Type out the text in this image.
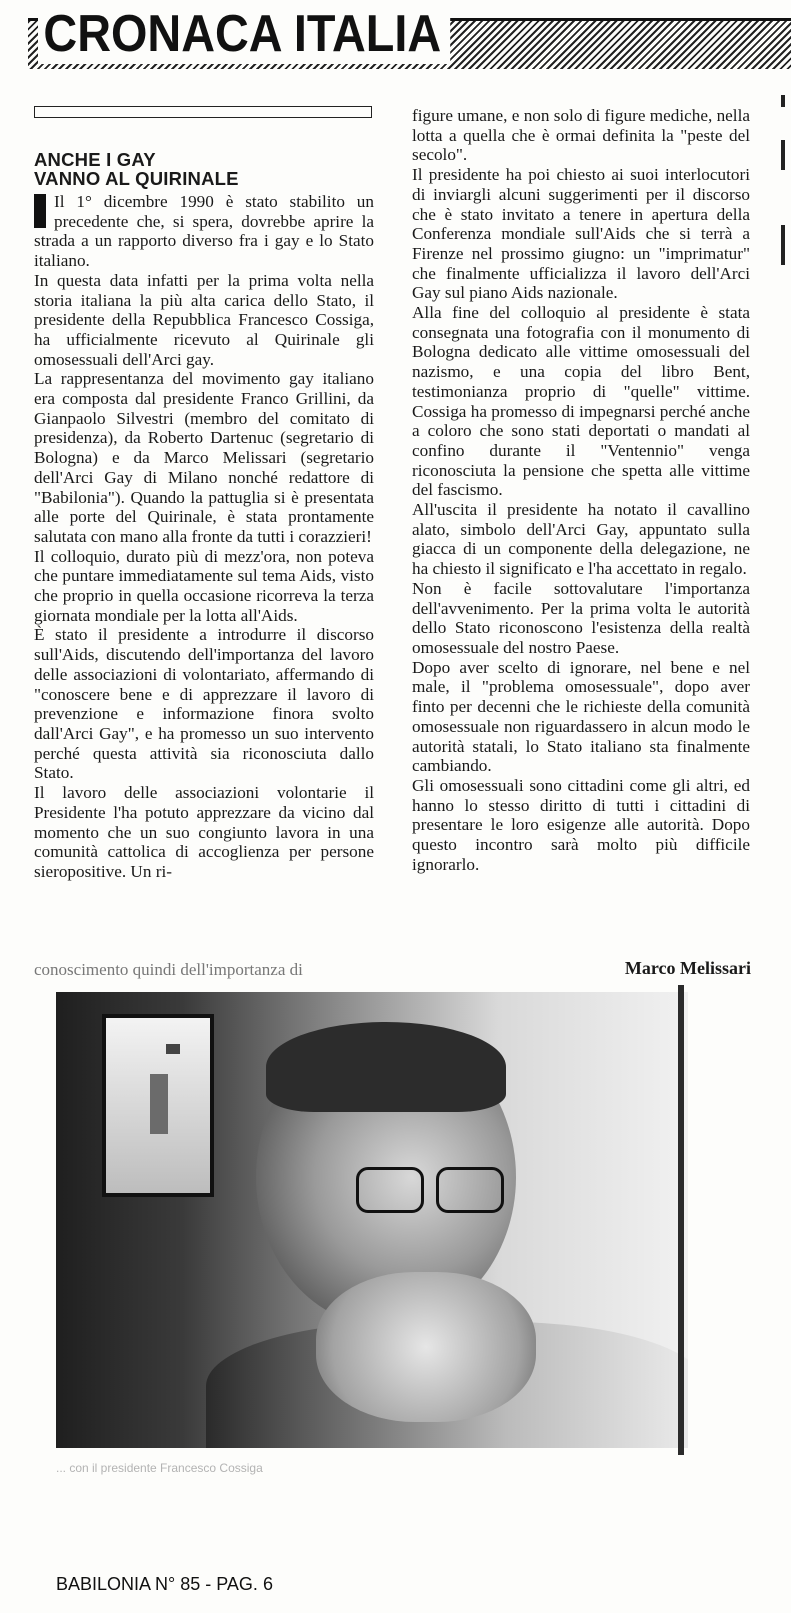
CRONACA ITALIA
ANCHE I GAY
VANNO AL QUIRINALE

Il 1° dicembre 1990 è stato stabilito un precedente che, si spera, dovrebbe aprire la strada a un rapporto diverso fra i gay e lo Stato italiano.

In questa data infatti per la prima volta nella storia italiana la più alta carica dello Stato, il presidente della Repubblica Francesco Cossiga, ha ufficialmente ricevuto al Quirinale gli omosessuali dell'Arci gay.

La rappresentanza del movimento gay italiano era composta dal presidente Franco Grillini, da Gianpaolo Silvestri (membro del comitato di presidenza), da Roberto Dartenuc (segretario di Bologna) e da Marco Melissari (segretario dell'Arci Gay di Milano nonché redattore di "Babilonia"). Quando la pattuglia si è presentata alle porte del Quirinale, è stata prontamente salutata con mano alla fronte da tutti i corazzieri!

Il colloquio, durato più di mezz'ora, non poteva che puntare immediatamente sul tema Aids, visto che proprio in quella occasione ricorreva la terza giornata mondiale per la lotta all'Aids.

È stato il presidente a introdurre il discorso sull'Aids, discutendo dell'importanza del lavoro delle associazioni di volontariato, affermando di "conoscere bene e di apprezzare il lavoro di prevenzione e informazione finora svolto dall'Arci Gay", e ha promesso un suo intervento perché questa attività sia riconosciuta dallo Stato.

Il lavoro delle associazioni volontarie il Presidente l'ha potuto apprezzare da vicino dal momento che un suo congiunto lavora in una comunità cattolica di accoglienza per persone sieropositive. Un ri-

conoscimento quindi dell'importanza di

figure umane, e non solo di figure mediche, nella lotta a quella che è ormai definita la "peste del secolo".

Il presidente ha poi chiesto ai suoi interlocutori di inviargli alcuni suggerimenti per il discorso che è stato invitato a tenere in apertura della Conferenza mondiale sull'Aids che si terrà a Firenze nel prossimo giugno: un "imprimatur" che finalmente ufficializza il lavoro dell'Arci Gay sul piano Aids nazionale.

Alla fine del colloquio al presidente è stata consegnata una fotografia con il monumento di Bologna dedicato alle vittime omosessuali del nazismo, e una copia del libro Bent, testimonianza proprio di "quelle" vittime. Cossiga ha promesso di impegnarsi perché anche a coloro che sono stati deportati o mandati al confino durante il "Ventennio" venga riconosciuta la pensione che spetta alle vittime del fascismo.

All'uscita il presidente ha notato il cavallino alato, simbolo dell'Arci Gay, appuntato sulla giacca di un componente della delegazione, ne ha chiesto il significato e l'ha accettato in regalo.

Non è facile sottovalutare l'importanza dell'avvenimento. Per la prima volta le autorità dello Stato riconoscono l'esistenza della realtà omosessuale del nostro Paese.

Dopo aver scelto di ignorare, nel bene e nel male, il "problema omosessuale", dopo aver finto per decenni che le richieste della comunità omosessuale non riguardassero in alcun modo le autorità statali, lo Stato italiano sta finalmente cambiando.

Gli omosessuali sono cittadini come gli altri, ed hanno lo stesso diritto di tutti i cittadini di presentare le loro esigenze alle autorità. Dopo questo incontro sarà molto più difficile ignorarlo.

Marco Melissari
... con il presidente Francesco Cossiga
BABILONIA N° 85 - PAG. 6
